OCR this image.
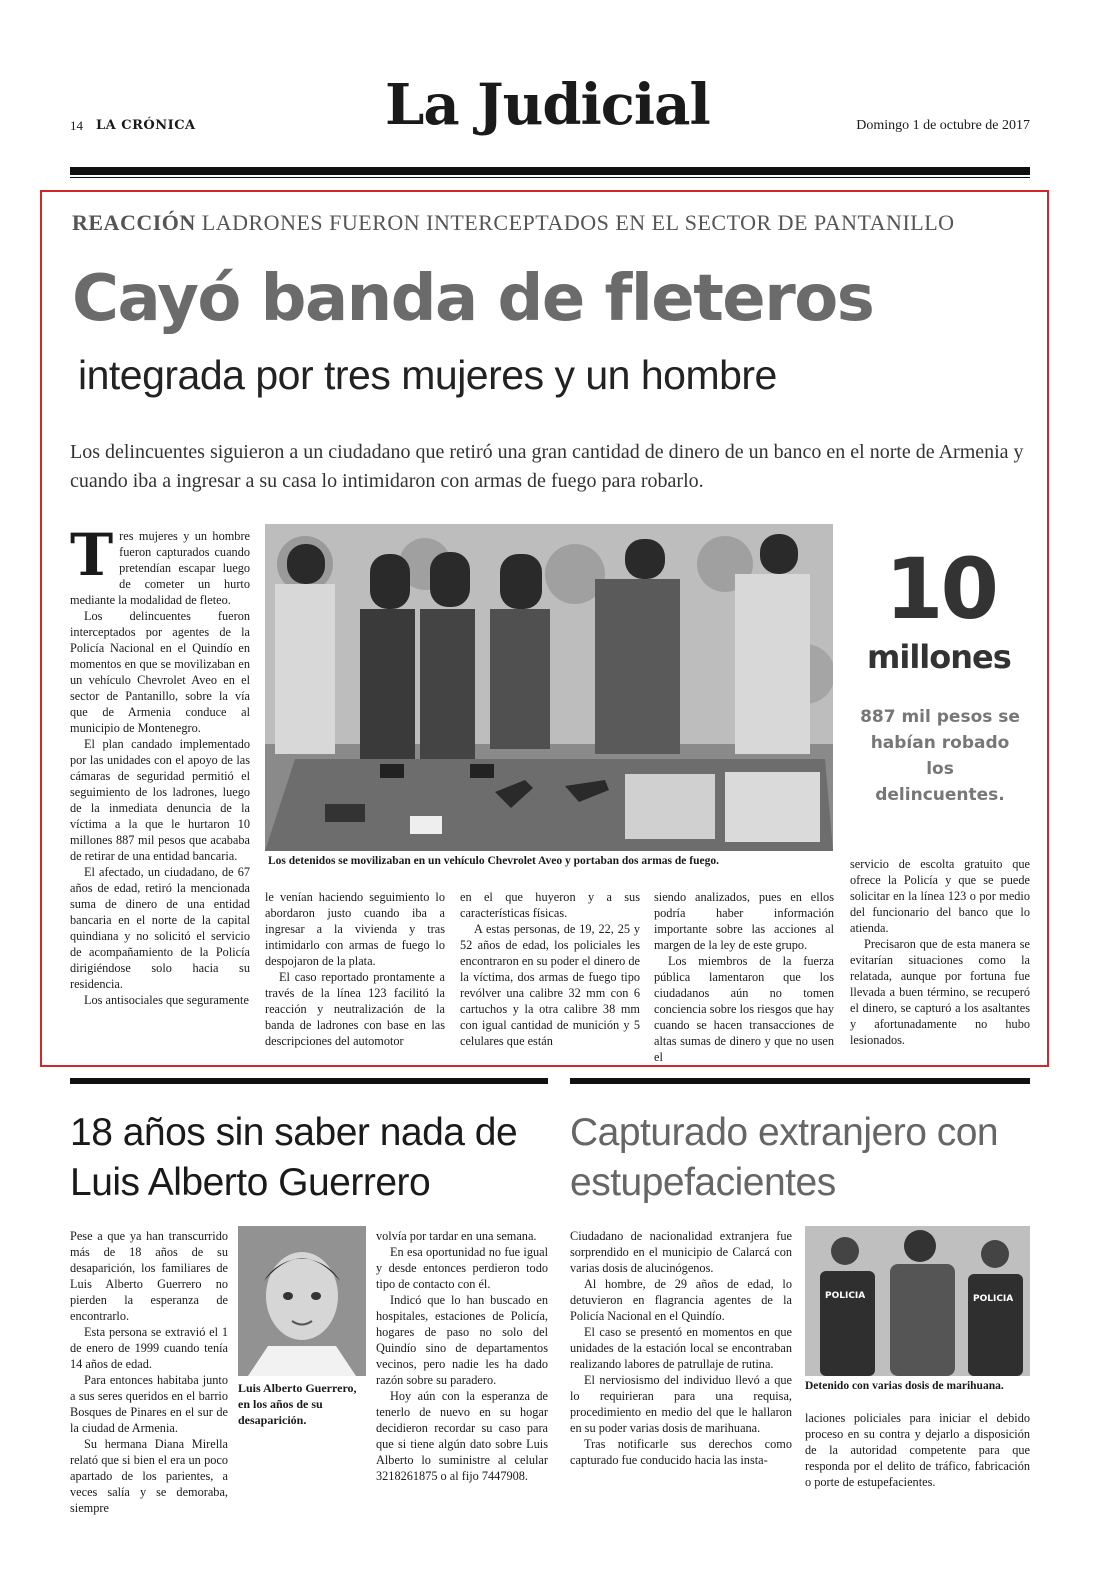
14 LA CRÓNICA	La Judicial	Domingo 1 de octubre de 2017
REACCIÓN LADRONES FUERON INTERCEPTADOS EN EL SECTOR DE PANTANILLO
Cayó banda de fleteros
integrada por tres mujeres y un hombre
Los delincuentes siguieron a un ciudadano que retiró una gran cantidad de dinero de un banco en el norte de Armenia y cuando iba a ingresar a su casa lo intimidaron con armas de fuego para robarlo.

Tres mujeres y un hombre fueron capturados cuando pretendían escapar luego de cometer un hurto mediante la modalidad de fleteo.

Los delincuentes fueron interceptados por agentes de la Policía Nacional en el Quindío en momentos en que se movilizaban en un vehículo Chevrolet Aveo en el sector de Pantanillo, sobre la vía que de Armenia conduce al municipio de Montenegro.

El plan candado implementado por las unidades con el apoyo de las cámaras de seguridad permitió el seguimiento de los ladrones, luego de la inmediata denuncia de la víctima a la que le hurtaron 10 millones 887 mil pesos que acababa de retirar de una entidad bancaria.

El afectado, un ciudadano, de 67 años de edad, retiró la mencionada suma de dinero de una entidad bancaria en el norte de la capital quindiana y no solicitó el servicio de acompañamiento de la Policía dirigiéndose solo hacia su residencia.

Los antisociales que seguramente

Los detenidos se movilizaban en un vehículo Chevrolet Aveo y portaban dos armas de fuego.
10
millones
887 mil pesos se habían robado los delincuentes.

le venían haciendo seguimiento lo abordaron justo cuando iba a ingresar a la vivienda y tras intimidarlo con armas de fuego lo despojaron de la plata.

El caso reportado prontamente a través de la línea 123 facilitó la reacción y neutralización de la banda de ladrones con base en las descripciones del automotor

en el que huyeron y a sus características físicas.

A estas personas, de 19, 22, 25 y 52 años de edad, los policiales les encontraron en su poder el dinero de la víctima, dos armas de fuego tipo revólver una calibre 32 mm con 6 cartuchos y la otra calibre 38 mm con igual cantidad de munición y 5 celulares que están

siendo analizados, pues en ellos podría haber información importante sobre las acciones al margen de la ley de este grupo.

Los miembros de la fuerza pública lamentaron que los ciudadanos aún no tomen conciencia sobre los riesgos que hay cuando se hacen transacciones de altas sumas de dinero y que no usen el

servicio de escolta gratuito que ofrece la Policía y que se puede solicitar en la línea 123 o por medio del funcionario del banco que lo atienda.

Precisaron que de esta manera se evitarían situaciones como la relatada, aunque por fortuna fue llevada a buen término, se recuperó el dinero, se capturó a los asaltantes y afortunadamente no hubo lesionados.

18 años sin saber nada de Luis Alberto Guerrero
Capturado extranjero con estupefacientes

Pese a que ya han transcurrido más de 18 años de su desaparición, los familiares de Luis Alberto Guerrero no pierden la esperanza de encontrarlo.

Esta persona se extravió el 1 de enero de 1999 cuando tenía 14 años de edad.

Para entonces habitaba junto a sus seres queridos en el barrio Bosques de Pinares en el sur de la ciudad de Armenia.

Su hermana Diana Mirella relató que si bien el era un poco apartado de los parientes, a veces salía y se demoraba, siempre

Luis Alberto Guerrero, en los años de su desaparición.

volvía por tardar en una semana.

En esa oportunidad no fue igual y desde entonces perdieron todo tipo de contacto con él.

Indicó que lo han buscado en hospitales, estaciones de Policía, hogares de paso no solo del Quindío sino de departamentos vecinos, pero nadie les ha dado razón sobre su paradero.

Hoy aún con la esperanza de tenerlo de nuevo en su hogar decidieron recordar su caso para que si tiene algún dato sobre Luis Alberto lo suministre al celular 3218261875 o al fijo 7447908.

Ciudadano de nacionalidad extranjera fue sorprendido en el municipio de Calarcá con varias dosis de alucinógenos.

Al hombre, de 29 años de edad, lo detuvieron en flagrancia agentes de la Policía Nacional en el Quindío.

El caso se presentó en momentos en que unidades de la estación local se encontraban realizando labores de patrullaje de rutina.

El nerviosismo del individuo llevó a que lo requirieran para una requisa, procedimiento en medio del que le hallaron en su poder varias dosis de marihuana.

Tras notificarle sus derechos como capturado fue conducido hacia las insta-

POLICIA	POLICIA
Detenido con varias dosis de marihuana.

laciones policiales para iniciar el debido proceso en su contra y dejarlo a disposición de la autoridad competente para que responda por el delito de tráfico, fabricación o porte de estupefacientes.
